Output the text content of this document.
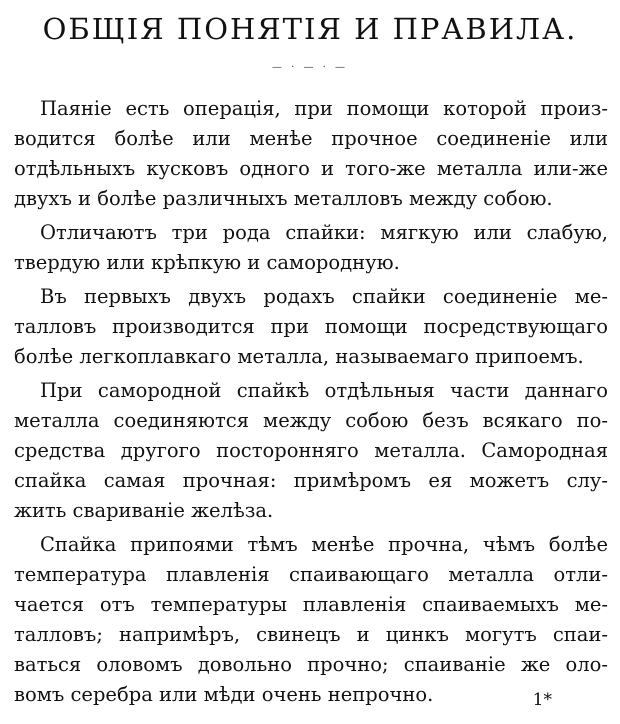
ОБЩІЯ ПОНЯТІЯ И ПРАВИЛА.
— · — · —
Паяніе есть операція, при помощи которой произ-
водится болѣе или менѣе прочное соединеніе или
отдѣльныхъ кусковъ одного и того-же металла или-же
двухъ и болѣе различныхъ металловъ между собою.
Отличаютъ три рода спайки: мягкую или слабую,
твердую или крѣпкую и самородную.
Въ первыхъ двухъ родахъ спайки соединеніе ме-
талловъ производится при помощи посредствующаго
болѣе легкоплавкаго металла, называемаго припоемъ.
При самородной спайкѣ отдѣльныя части даннаго
металла соединяются между собою безъ всякаго по-
средства другого посторонняго металла. Самородная
спайка самая прочная: примѣромъ ея можетъ слу-
жить свариваніе желѣза.
Спайка припоями тѣмъ менѣе прочна, чѣмъ болѣе
температура плавленія спаивающаго металла отли-
чается отъ температуры плавленія спаиваемыхъ ме-
талловъ; напримѣръ, свинецъ и цинкъ могутъ спаи-
ваться оловомъ довольно прочно; спаиваніе же оло-
вомъ серебра или мѣди очень непрочно.	1*
